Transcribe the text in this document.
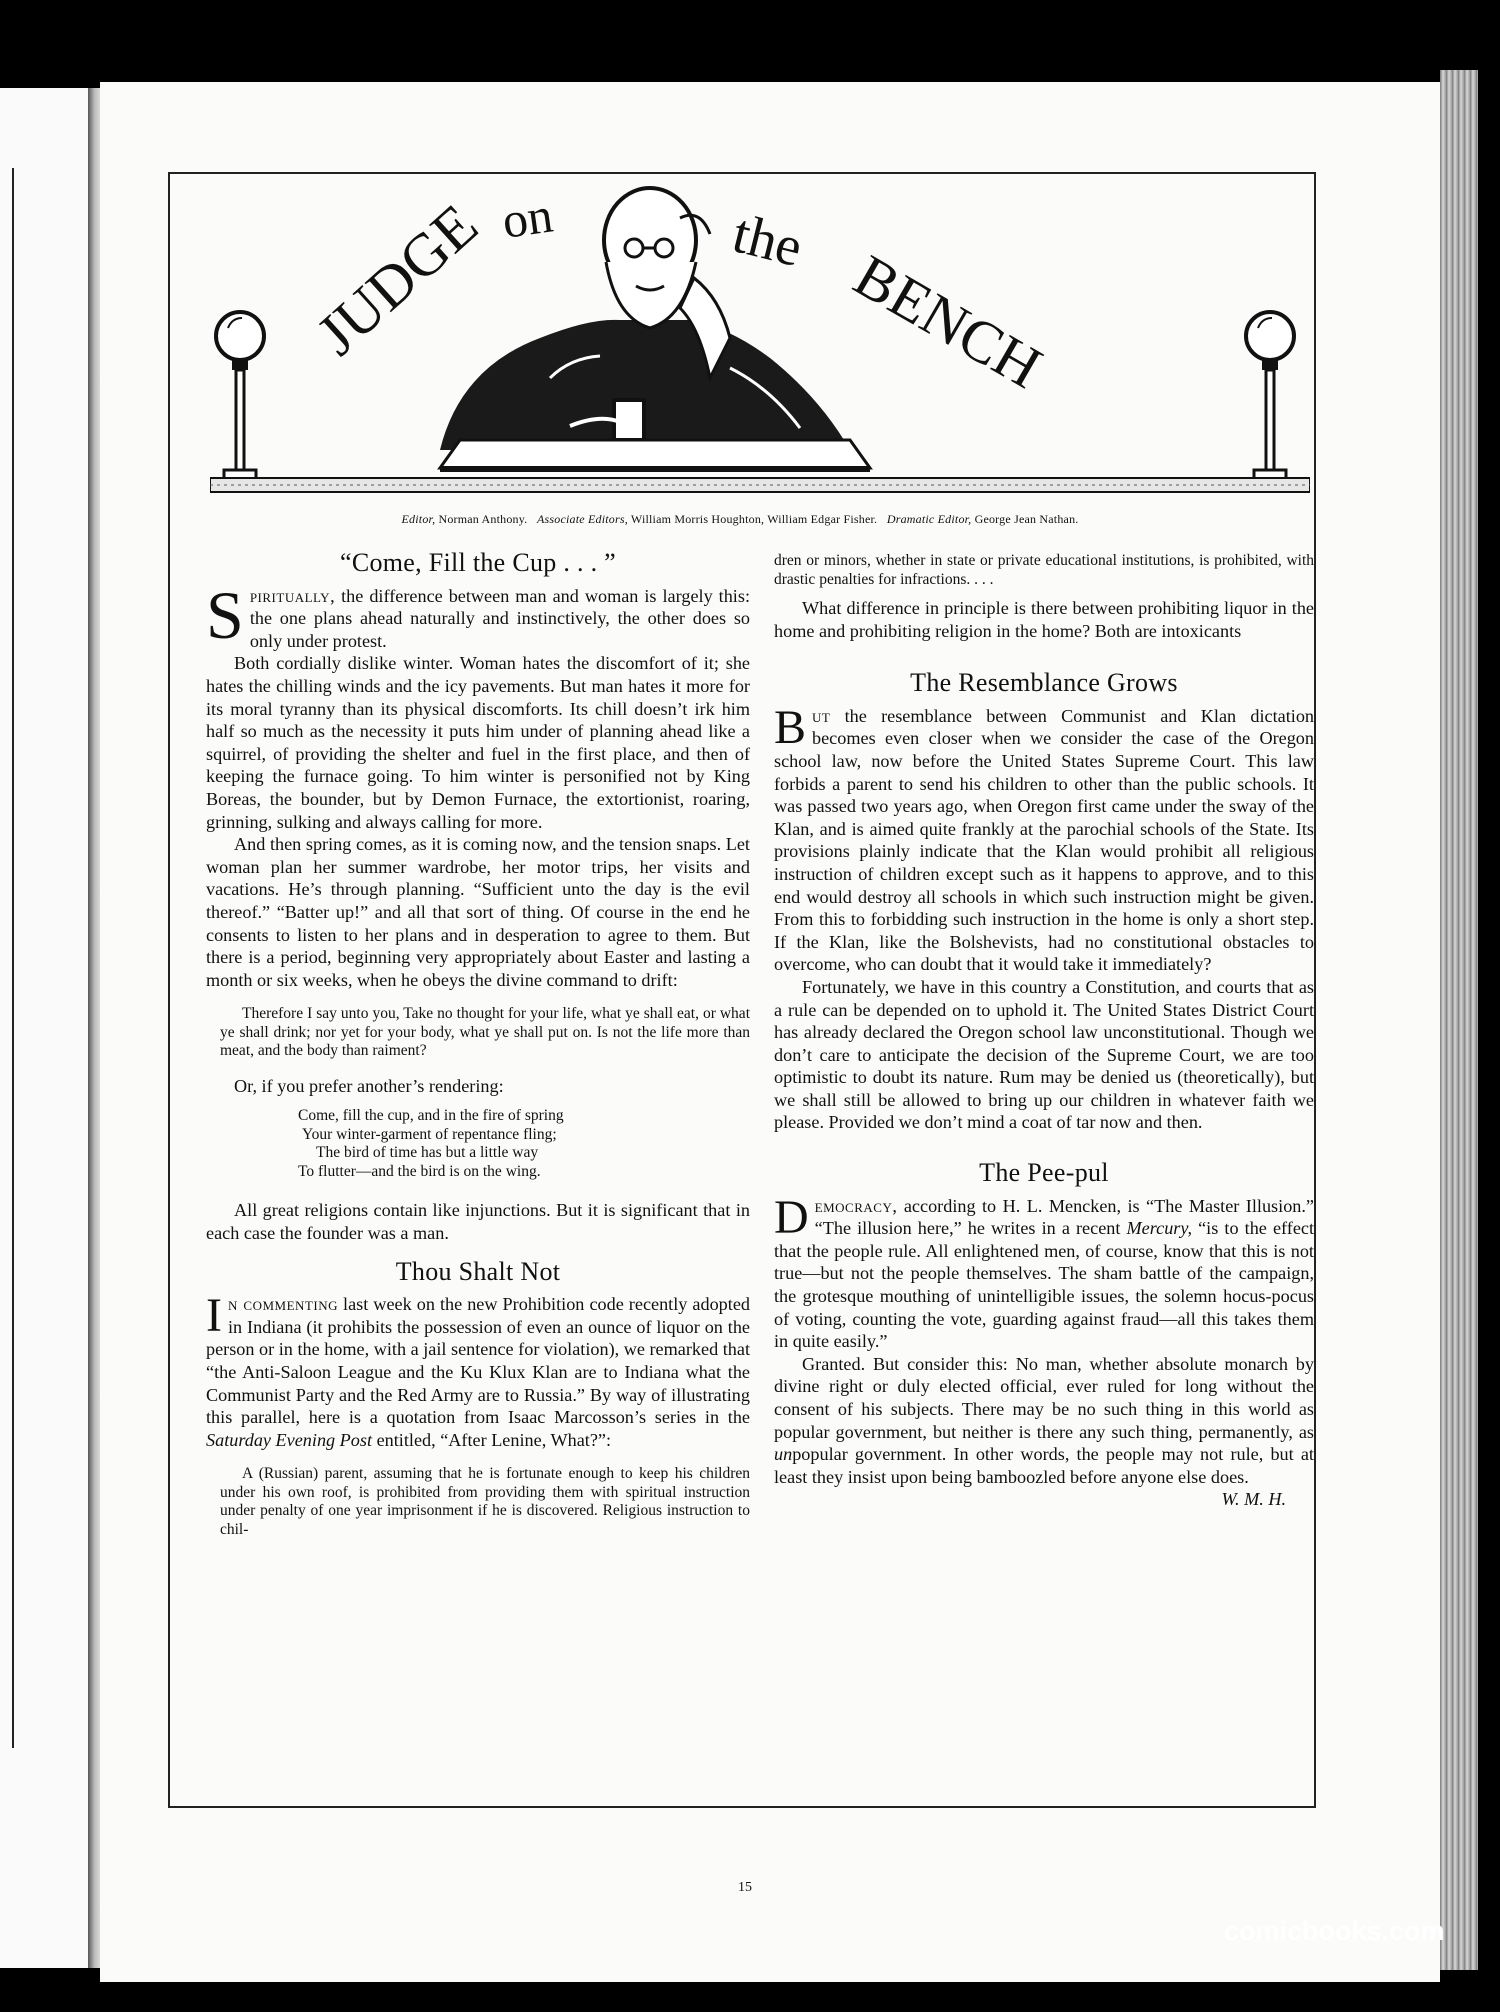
JUDGE on	the
BENCH
Editor, Norman Anthony. Associate Editors, William Morris Houghton, William Edgar Fisher. Dramatic Editor, George Jean Nathan.
“Come, Fill the Cup . . . ”

Spiritually, the difference between man and woman is largely this: the one plans ahead naturally and instinctively, the other does so only under protest.

Both cordially dislike winter. Woman hates the discomfort of it; she hates the chilling winds and the icy pavements. But man hates it more for its moral tyranny than its physical discomforts. Its chill doesn’t irk him half so much as the necessity it puts him under of planning ahead like a squirrel, of providing the shelter and fuel in the first place, and then of keeping the furnace going. To him winter is personified not by King Boreas, the bounder, but by Demon Furnace, the extortionist, roaring, grinning, sulking and always calling for more.

And then spring comes, as it is coming now, and the tension snaps. Let woman plan her summer wardrobe, her motor trips, her visits and vacations. He’s through planning. “Sufficient unto the day is the evil thereof.” “Batter up!” and all that sort of thing. Of course in the end he consents to listen to her plans and in desperation to agree to them. But there is a period, beginning very appropriately about Easter and lasting a month or six weeks, when he obeys the divine command to drift:

Therefore I say unto you, Take no thought for your life, what ye shall eat, or what ye shall drink; nor yet for your body, what ye shall put on. Is not the life more than meat, and the body than raiment?

Or, if you prefer another’s rendering:

Come, fill the cup, and in the fire of spring
Your winter-garment of repentance fling;
The bird of time has but a little way
To flutter—and the bird is on the wing.

All great religions contain like injunctions. But it is significant that in each case the founder was a man.

Thou Shalt Not

In commenting last week on the new Prohibition code recently adopted in Indiana (it prohibits the possession of even an ounce of liquor on the person or in the home, with a jail sentence for violation), we remarked that “the Anti-Saloon League and the Ku Klux Klan are to Indiana what the Communist Party and the Red Army are to Russia.” By way of illustrating this parallel, here is a quotation from Isaac Marcosson’s series in the Saturday Evening Post entitled, “After Lenine, What?”:

A (Russian) parent, assuming that he is fortunate enough to keep his children under his own roof, is prohibited from providing them with spiritual instruction under penalty of one year imprisonment if he is discovered. Religious instruction to chil-
dren or minors, whether in state or private educational institutions, is prohibited, with drastic penalties for infractions. . . .

What difference in principle is there between prohibiting liquor in the home and prohibiting religion in the home? Both are intoxicants

The Resemblance Grows

But the resemblance between Communist and Klan dictation becomes even closer when we consider the case of the Oregon school law, now before the United States Supreme Court. This law forbids a parent to send his children to other than the public schools. It was passed two years ago, when Oregon first came under the sway of the Klan, and is aimed quite frankly at the parochial schools of the State. Its provisions plainly indicate that the Klan would prohibit all religious instruction of children except such as it happens to approve, and to this end would destroy all schools in which such instruction might be given. From this to forbidding such instruction in the home is only a short step. If the Klan, like the Bolshevists, had no constitutional obstacles to overcome, who can doubt that it would take it immediately?

Fortunately, we have in this country a Constitution, and courts that as a rule can be depended on to uphold it. The United States District Court has already declared the Oregon school law unconstitutional. Though we don’t care to anticipate the decision of the Supreme Court, we are too optimistic to doubt its nature. Rum may be denied us (theoretically), but we shall still be allowed to bring up our children in whatever faith we please. Provided we don’t mind a coat of tar now and then.

The Pee-pul

Democracy, according to H. L. Mencken, is “The Master Illusion.” “The illusion here,” he writes in a recent Mercury, “is to the effect that the people rule. All enlightened men, of course, know that this is not true—but not the people themselves. The sham battle of the campaign, the grotesque mouthing of unintelligible issues, the solemn hocus-pocus of voting, counting the vote, guarding against fraud—all this takes them in quite easily.”

Granted. But consider this: No man, whether absolute monarch by divine right or duly elected official, ever ruled for long without the consent of his subjects. There may be no such thing in this world as popular government, but neither is there any such thing, permanently, as unpopular government. In other words, the people may not rule, but at least they insist upon being bamboozled before anyone else does.
W. M. H.

15
comicbooks.com
